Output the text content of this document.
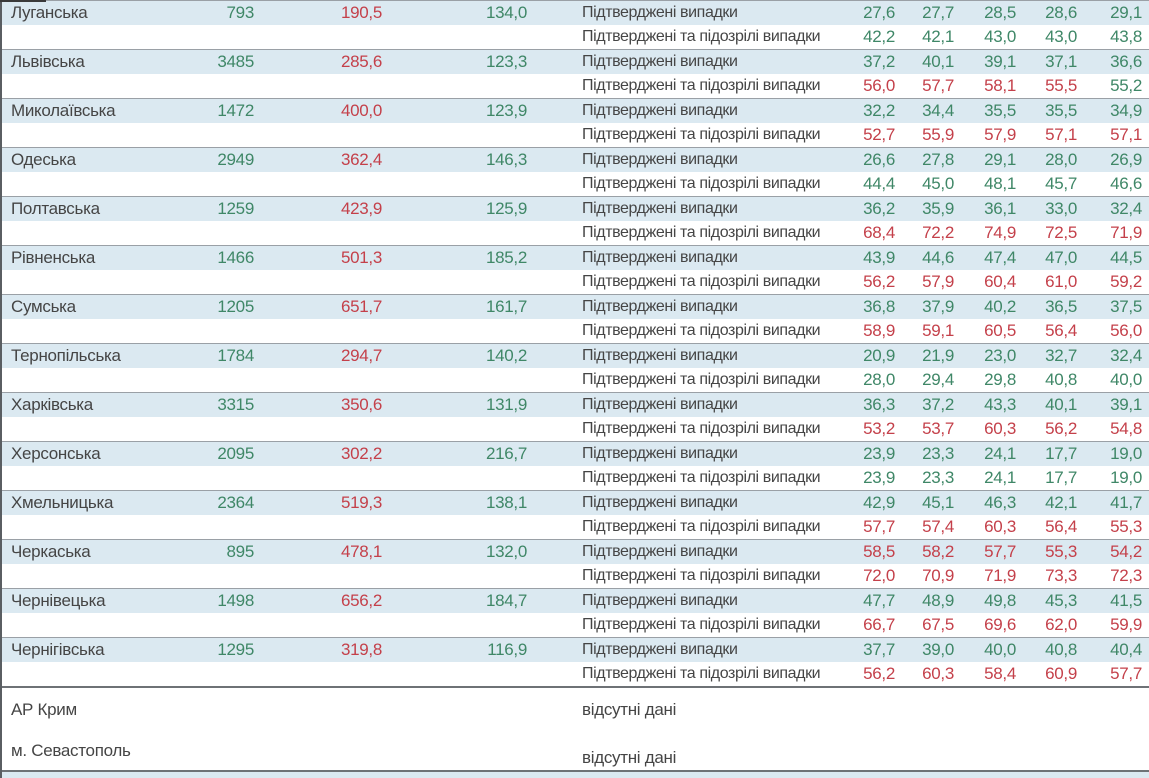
Луганська	793	190,5	134,0	Підтверджені випадки	27,6	27,7	28,5	28,6	29,1
Підтверджені та підозрілі випадки	42,2	42,1	43,0	43,0	43,8
Львівська	3485	285,6	123,3	Підтверджені випадки	37,2	40,1	39,1	37,1	36,6
Підтверджені та підозрілі випадки	56,0	57,7	58,1	55,5	55,2
Миколаївська	1472	400,0	123,9	Підтверджені випадки	32,2	34,4	35,5	35,5	34,9
Підтверджені та підозрілі випадки	52,7	55,9	57,9	57,1	57,1
Одеська	2949	362,4	146,3	Підтверджені випадки	26,6	27,8	29,1	28,0	26,9
Підтверджені та підозрілі випадки	44,4	45,0	48,1	45,7	46,6
Полтавська	1259	423,9	125,9	Підтверджені випадки	36,2	35,9	36,1	33,0	32,4
Підтверджені та підозрілі випадки	68,4	72,2	74,9	72,5	71,9
Рівненська	1466	501,3	185,2	Підтверджені випадки	43,9	44,6	47,4	47,0	44,5
Підтверджені та підозрілі випадки	56,2	57,9	60,4	61,0	59,2
Сумська	1205	651,7	161,7	Підтверджені випадки	36,8	37,9	40,2	36,5	37,5
Підтверджені та підозрілі випадки	58,9	59,1	60,5	56,4	56,0
Тернопільська	1784	294,7	140,2	Підтверджені випадки	20,9	21,9	23,0	32,7	32,4
Підтверджені та підозрілі випадки	28,0	29,4	29,8	40,8	40,0
Харківська	3315	350,6	131,9	Підтверджені випадки	36,3	37,2	43,3	40,1	39,1
Підтверджені та підозрілі випадки	53,2	53,7	60,3	56,2	54,8
Херсонська	2095	302,2	216,7	Підтверджені випадки	23,9	23,3	24,1	17,7	19,0
Підтверджені та підозрілі випадки	23,9	23,3	24,1	17,7	19,0
Хмельницька	2364	519,3	138,1	Підтверджені випадки	42,9	45,1	46,3	42,1	41,7
Підтверджені та підозрілі випадки	57,7	57,4	60,3	56,4	55,3
Черкаська	895	478,1	132,0	Підтверджені випадки	58,5	58,2	57,7	55,3	54,2
Підтверджені та підозрілі випадки	72,0	70,9	71,9	73,3	72,3
Чернівецька	1498	656,2	184,7	Підтверджені випадки	47,7	48,9	49,8	45,3	41,5
Підтверджені та підозрілі випадки	66,7	67,5	69,6	62,0	59,9
Чернігівська	1295	319,8	116,9	Підтверджені випадки	37,7	39,0	40,0	40,8	40,4
Підтверджені та підозрілі випадки	56,2	60,3	58,4	60,9	57,7
АР Крим	відсутні дані
м. Севастополь	відсутні дані
